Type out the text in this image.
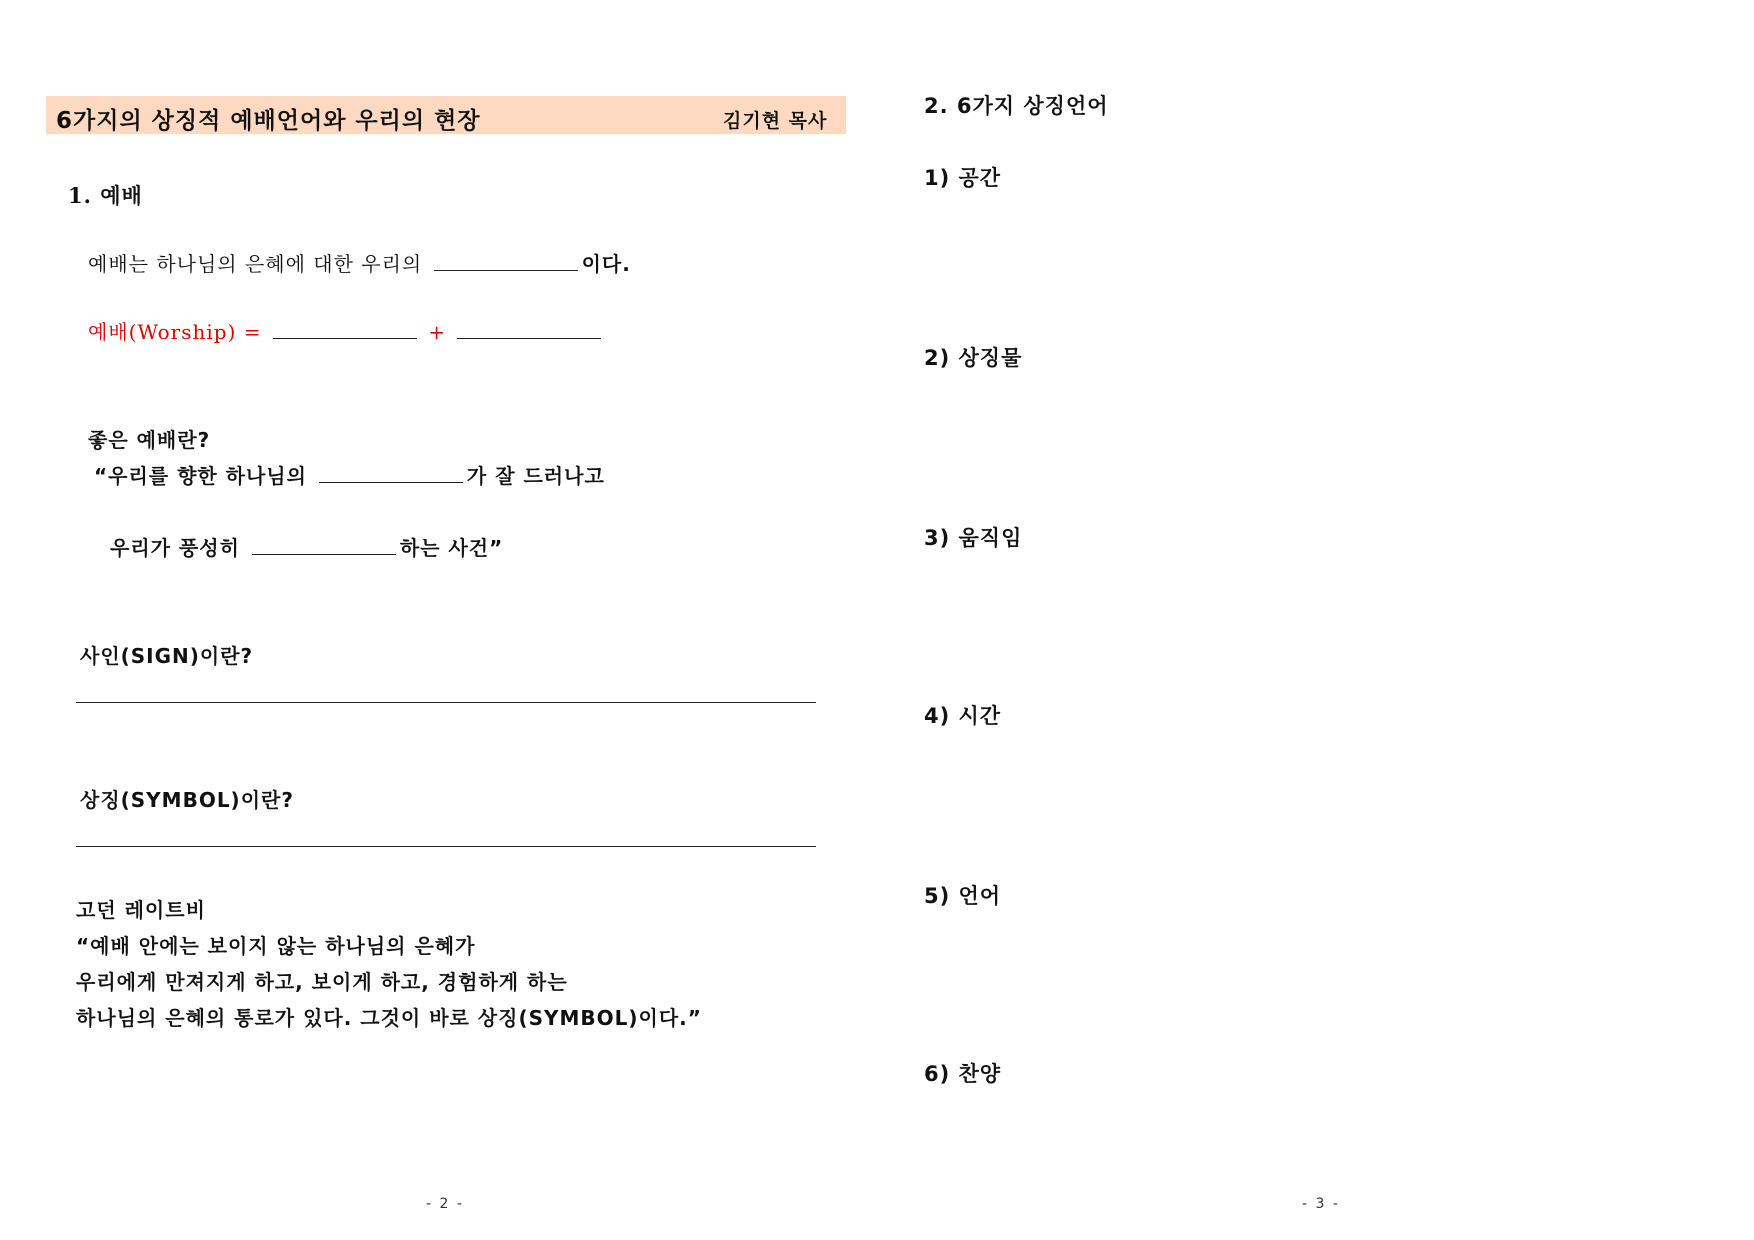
6가지의 상징적 예배언어와 우리의 현장	김기현 목사
1. 예배
예배는 하나님의 은혜에 대한 우리의	이다.
예배(Worship) =	+
좋은 예배란?
“우리를 향한 하나님의	가 잘 드러나고
우리가 풍성히	하는 사건”
사인(SIGN)이란?
상징(SYMBOL)이란?
고던 레이트비
“예배 안에는 보이지 않는 하나님의 은혜가
우리에게 만져지게 하고, 보이게 하고, 경험하게 하는
하나님의 은혜의 통로가 있다. 그것이 바로 상징(SYMBOL)이다.”
- 2 -
2. 6가지 상징언어
1) 공간
2) 상징물
3) 움직임
4) 시간
5) 언어
6) 찬양
- 3 -
